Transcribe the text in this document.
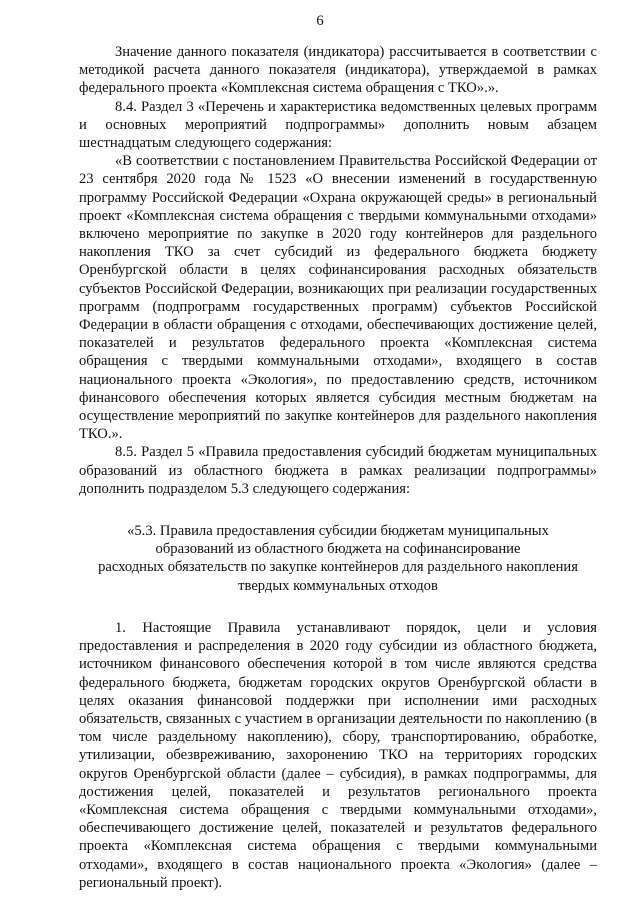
6

Значение данного показателя (индикатора) рассчитывается в соответствии с методикой расчета данного показателя (индикатора), утверждаемой в рамках федерального проекта «Комплексная система обращения с ТКО».».

8.4. Раздел 3 «Перечень и характеристика ведомственных целевых программ и основных мероприятий подпрограммы» дополнить новым абзацем шестнадцатым следующего содержания:

«В соответствии с постановлением Правительства Российской Федерации от 23 сентября 2020 года № 1523 «О внесении изменений в государственную программу Российской Федерации «Охрана окружающей среды» в региональный проект «Комплексная система обращения с твердыми коммунальными отходами» включено мероприятие по закупке в 2020 году контейнеров для раздельного накопления ТКО за счет субсидий из федерального бюджета бюджету Оренбургской области в целях софинансирования расходных обязательств субъектов Российской Федерации, возникающих при реализации государственных программ (подпрограмм государственных программ) субъектов Российской Федерации в области обращения с отходами, обеспечивающих достижение целей, показателей и результатов федерального проекта «Комплексная система обращения с твердыми коммунальными отходами», входящего в состав национального проекта «Экология», по предоставлению средств, источником финансового обеспечения которых является субсидия местным бюджетам на осуществление мероприятий по закупке контейнеров для раздельного накопления ТКО.».

8.5. Раздел 5 «Правила предоставления субсидий бюджетам муниципальных образований из областного бюджета в рамках реализации подпрограммы» дополнить подразделом 5.3 следующего содержания:

«5.3. Правила предоставления субсидии бюджетам муниципальных

образований из областного бюджета на софинансирование

расходных обязательств по закупке контейнеров для раздельного накопления

твердых коммунальных отходов

1. Настоящие Правила устанавливают порядок, цели и условия предоставления и распределения в 2020 году субсидии из областного бюджета, источником финансового обеспечения которой в том числе являются средства федерального бюджета, бюджетам городских округов Оренбургской области в целях оказания финансовой поддержки при исполнении ими расходных обязательств, связанных с участием в организации деятельности по накоплению (в том числе раздельному накоплению), сбору, транспортированию, обработке, утилизации, обезвреживанию, захоронению ТКО на территориях городских округов Оренбургской области (далее – субсидия), в рамках подпрограммы, для достижения целей, показателей и результатов регионального проекта «Комплексная система обращения с твердыми коммунальными отходами», обеспечивающего достижение целей, показателей и результатов федерального проекта «Комплексная система обращения с твердыми коммунальными отходами», входящего в состав национального проекта «Экология» (далее – региональный проект).
